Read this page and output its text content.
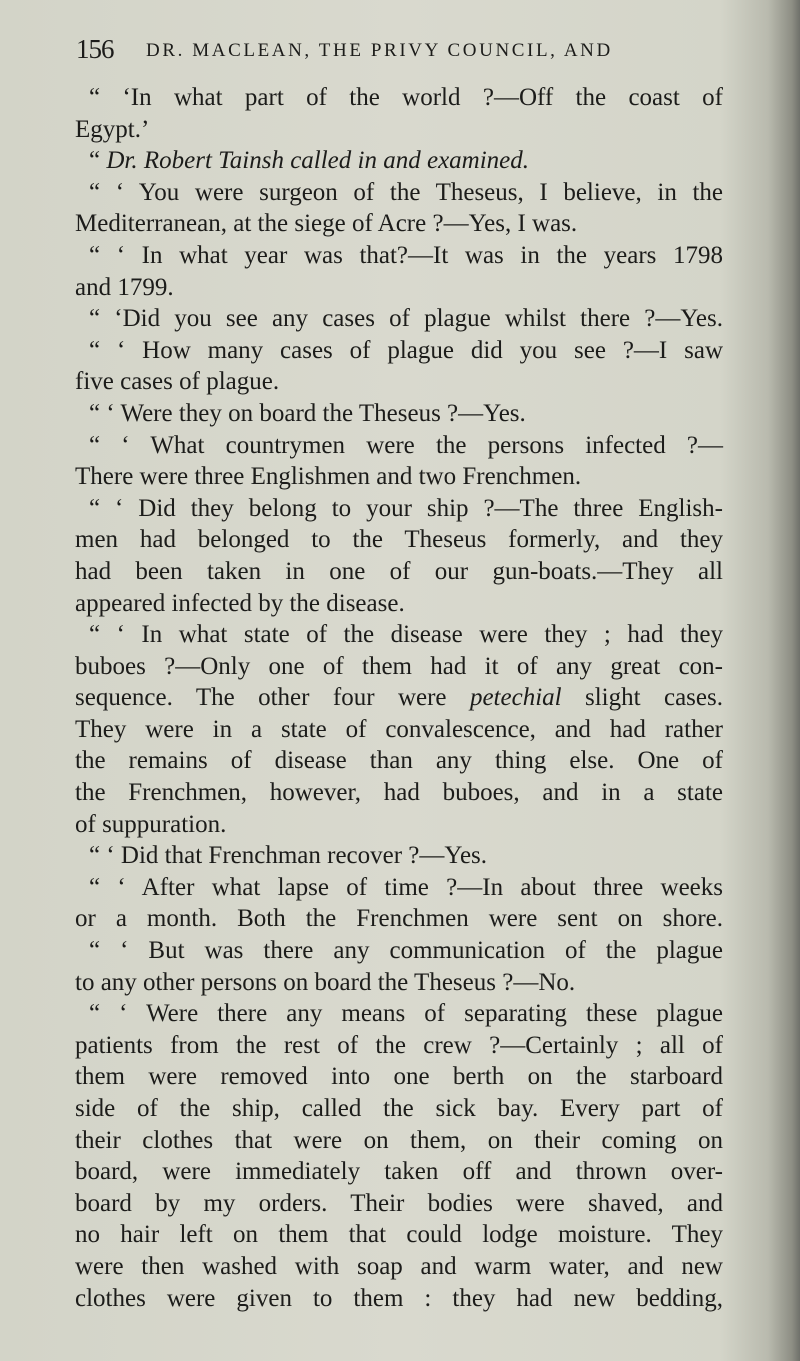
156 DR. MACLEAN, THE PRIVY COUNCIL, AND
“ ‘In what part of the world ?—Off the coast of
Egypt.’
“ Dr. Robert Tainsh called in and examined.
“ ‘ You were surgeon of the Theseus, I believe, in the
Mediterranean, at the siege of Acre ?—Yes, I was.
“ ‘ In what year was that?—It was in the years 1798
and 1799.
“ ‘Did you see any cases of plague whilst there ?—Yes.
“ ‘ How many cases of plague did you see ?—I saw
five cases of plague.
“ ‘ Were they on board the Theseus ?—Yes.
“ ‘ What countrymen were the persons infected ?—
There were three Englishmen and two Frenchmen.
“ ‘ Did they belong to your ship ?—The three English-
men had belonged to the Theseus formerly, and they
had been taken in one of our gun-boats.—They all
appeared infected by the disease.
“ ‘ In what state of the disease were they ; had they
buboes ?—Only one of them had it of any great con-
sequence. The other four were petechial slight cases.
They were in a state of convalescence, and had rather
the remains of disease than any thing else. One of
the Frenchmen, however, had buboes, and in a state
of suppuration.
“ ‘ Did that Frenchman recover ?—Yes.
“ ‘ After what lapse of time ?—In about three weeks
or a month. Both the Frenchmen were sent on shore.
“ ‘ But was there any communication of the plague
to any other persons on board the Theseus ?—No.
“ ‘ Were there any means of separating these plague
patients from the rest of the crew ?—Certainly ; all of
them were removed into one berth on the starboard
side of the ship, called the sick bay. Every part of
their clothes that were on them, on their coming on
board, were immediately taken off and thrown over-
board by my orders. Their bodies were shaved, and
no hair left on them that could lodge moisture. They
were then washed with soap and warm water, and new
clothes were given to them : they had new bedding,
